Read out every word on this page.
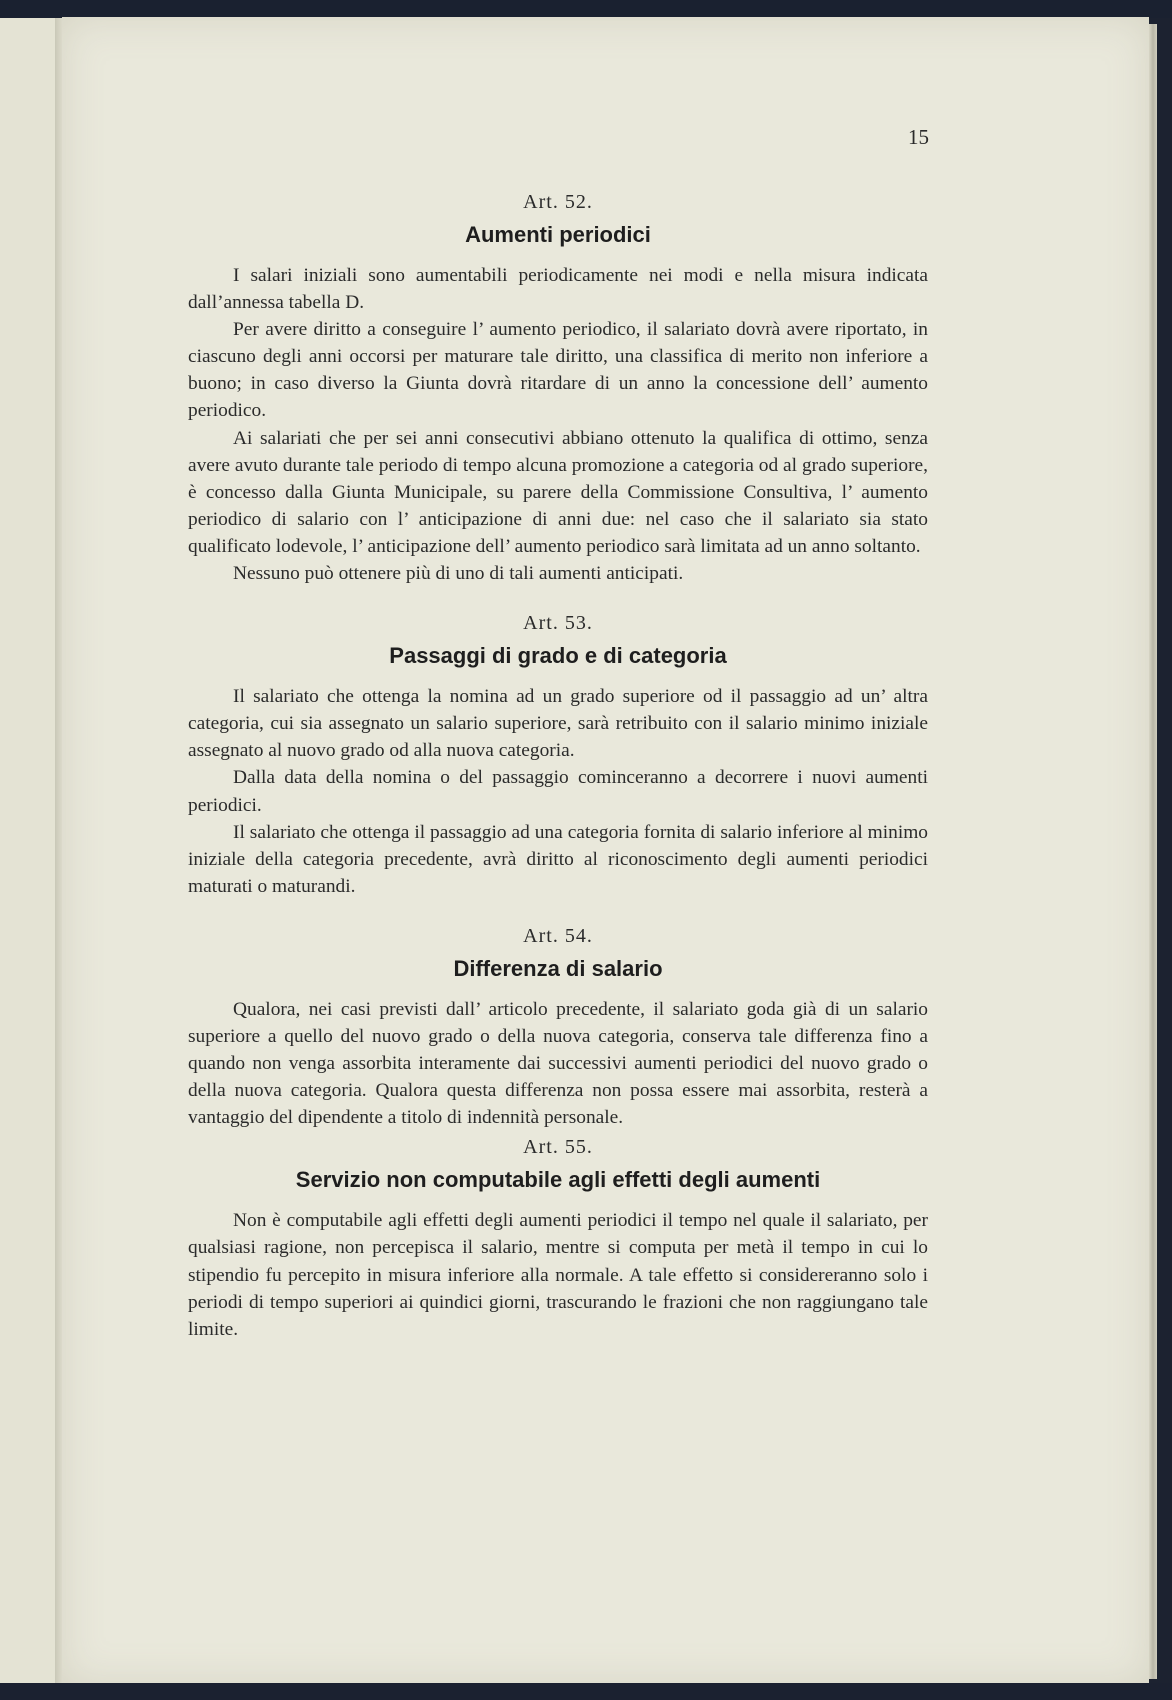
15

Art. 52.

Aumenti periodici

I salari iniziali sono aumentabili periodicamente nei modi e nella misura indicata dall’annessa tabella D.

Per avere diritto a conseguire l’ aumento periodico, il salariato dovrà avere riportato, in ciascuno degli anni occorsi per maturare tale diritto, una classifica di merito non inferiore a buono; in caso diverso la Giunta dovrà ritardare di un anno la concessione dell’ aumento periodico.

Ai salariati che per sei anni consecutivi abbiano ottenuto la qualifica di ottimo, senza avere avuto durante tale periodo di tempo alcuna promozione a categoria od al grado superiore, è concesso dalla Giunta Municipale, su parere della Commissione Consultiva, l’ aumento periodico di salario con l’ anticipazione di anni due: nel caso che il salariato sia stato qualificato lodevole, l’ anticipazione dell’ aumento periodico sarà limitata ad un anno soltanto.

Nessuno può ottenere più di uno di tali aumenti anticipati.

Art. 53.

Passaggi di grado e di categoria

Il salariato che ottenga la nomina ad un grado superiore od il passaggio ad un’ altra categoria, cui sia assegnato un salario superiore, sarà retribuito con il salario minimo iniziale assegnato al nuovo grado od alla nuova categoria.

Dalla data della nomina o del passaggio cominceranno a decorrere i nuovi aumenti periodici.

Il salariato che ottenga il passaggio ad una categoria fornita di salario inferiore al minimo iniziale della categoria precedente, avrà diritto al riconoscimento degli aumenti periodici maturati o maturandi.

Art. 54.

Differenza di salario

Qualora, nei casi previsti dall’ articolo precedente, il salariato goda già di un salario superiore a quello del nuovo grado o della nuova categoria, conserva tale differenza fino a quando non venga assorbita interamente dai successivi aumenti periodici del nuovo grado o della nuova categoria. Qualora questa differenza non possa essere mai assorbita, resterà a vantaggio del dipendente a titolo di indennità personale.

Art. 55.

Servizio non computabile agli effetti degli aumenti

Non è computabile agli effetti degli aumenti periodici il tempo nel quale il salariato, per qualsiasi ragione, non percepisca il salario, mentre si computa per metà il tempo in cui lo stipendio fu percepito in misura inferiore alla normale. A tale effetto si considereranno solo i periodi di tempo superiori ai quindici giorni, trascurando le frazioni che non raggiungano tale limite.
